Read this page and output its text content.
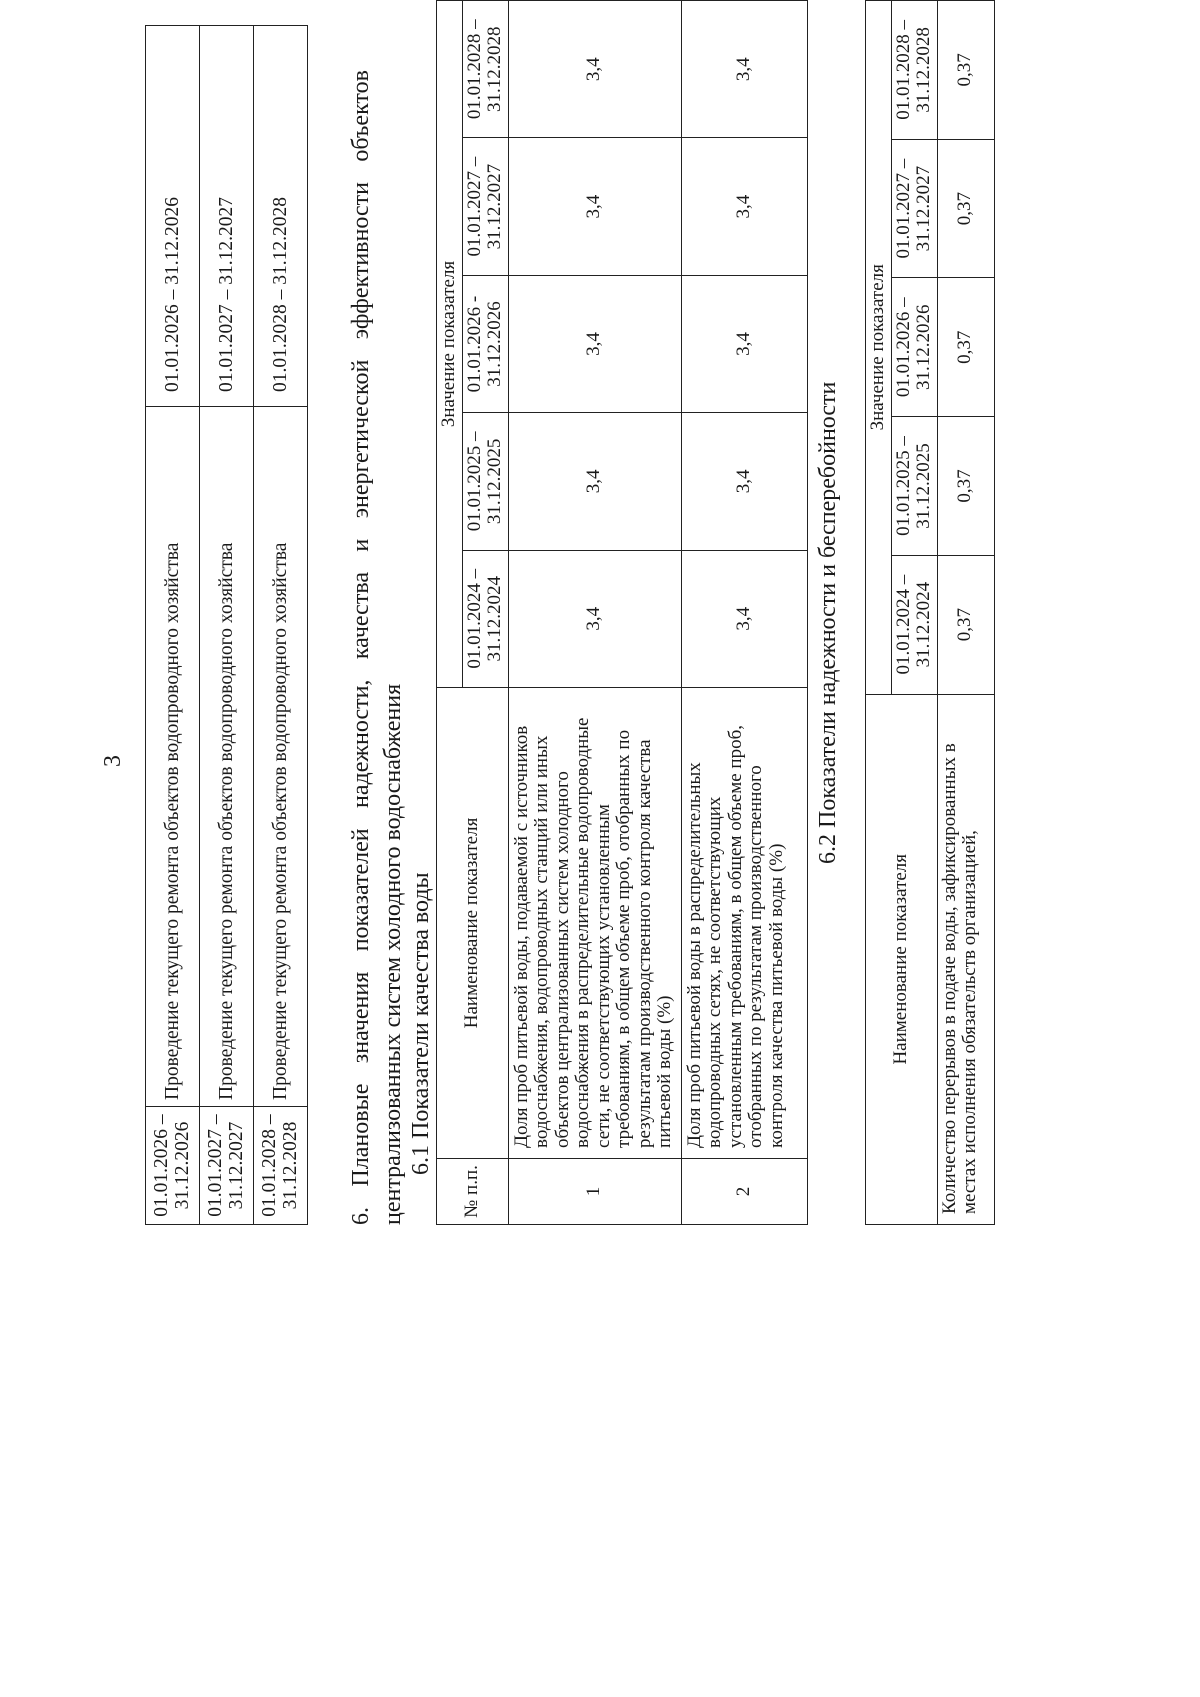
3
01.01.2026 – 31.12.2026	Проведение текущего ремонта объектов водопроводного хозяйства	01.01.2026 – 31.12.2026
01.01.2027 – 31.12.2027	Проведение текущего ремонта объектов водопроводного хозяйства	01.01.2027 – 31.12.2027
01.01.2028 – 31.12.2028	Проведение текущего ремонта объектов водопроводного хозяйства	01.01.2028 – 31.12.2028
6.
Плановые
значения
показателей
надежности,
качества
и
энергетической
эффективности
объектов
централизованных систем холодного водоснабжения 6.1 Показатели качества воды
№ п.п.	Наименование показателя	Значение показателя				
		01.01.2024 – 31.12.2024	01.01.2025 – 31.12.2025	01.01.2026 - 31.12.2026	01.01.2027 – 31.12.2027	01.01.2028 – 31.12.2028
1	Доля проб питьевой воды, подаваемой с источников водоснабжения, водопроводных станций или иных объектов централизованных систем холодного водоснабжения в распределительные водопроводные сети, не соответствующих установленным требованиям, в общем объеме проб, отобранных по результатам производственного контроля качества питьевой воды (%)	3,4	3,4	3,4	3,4	3,4
2	Доля проб питьевой воды в распределительных водопроводных сетях, не соответствующих установленным требованиям, в общем объеме проб, отобранных по результатам производственного контроля качества питьевой воды (%)	3,4	3,4	3,4	3,4	3,4
6.2 Показатели надежности и бесперебойности
Наименование показателя	Значение показателя				
	01.01.2024 – 31.12.2024	01.01.2025 – 31.12.2025	01.01.2026 – 31.12.2026	01.01.2027 – 31.12.2027	01.01.2028 – 31.12.2028
Количество перерывов в подаче воды, зафиксированных в местах исполнения обязательств организацией,	0,37	0,37	0,37	0,37	0,37
